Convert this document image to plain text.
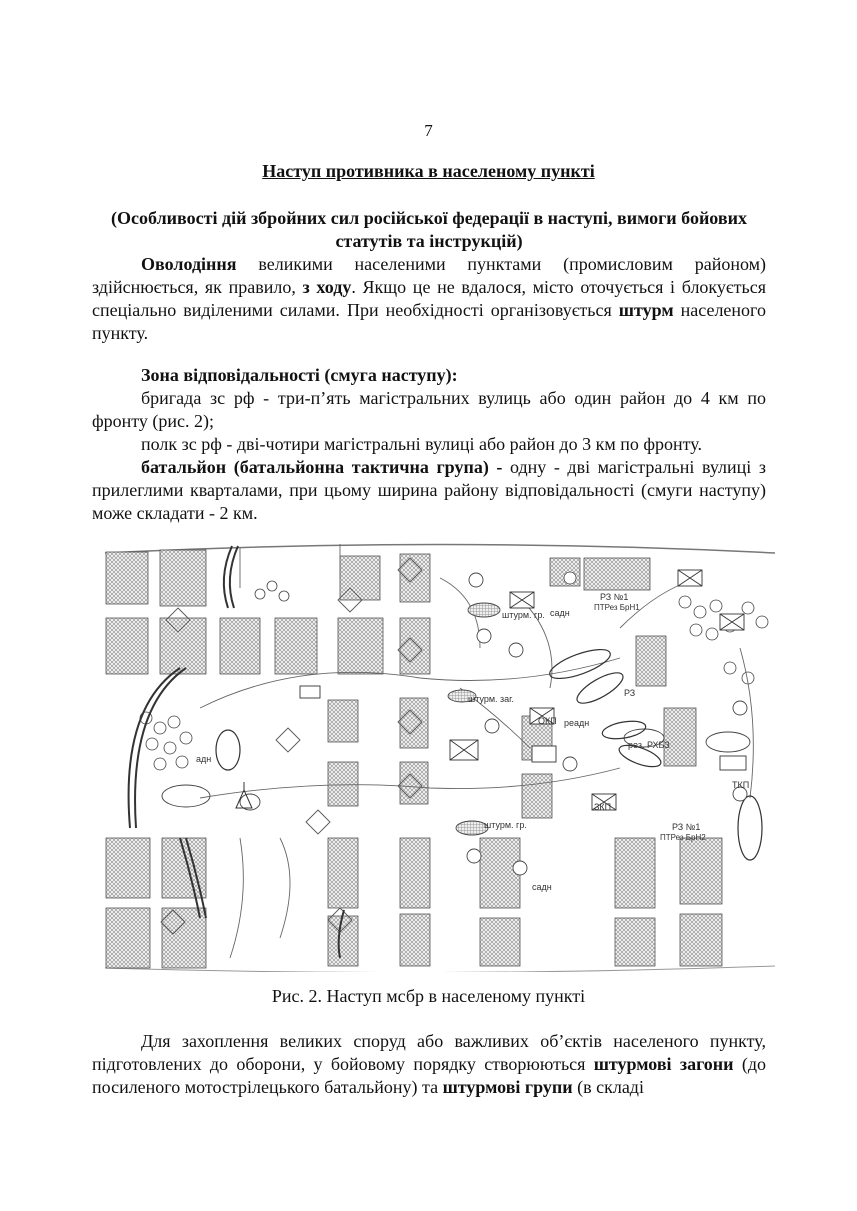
7
Наступ противника в населеному пункті
(Особливості дій збройних сил російської федерації в наступі, вимоги бойових статутів та інструкцій)
Оволодіння великими населеними пунктами (промисловим районом) здійснюється, як правило, з ходу. Якщо це не вдалося, місто оточується і блокується спеціально виділеними силами. При необхідності організовується штурм населеного пункту.
Зона відповідальності (смуга наступу):
бригада зс рф - три-п’ять магістральних вулиць або один район до 4 км по фронту (рис. 2);
полк зс рф - дві-чотири магістральні вулиці або район до 3 км по фронту.
батальйон (батальйонна тактична група) - одну - дві магістральні вулиці з прилеглими кварталами, при цьому ширина району відповідальності (смуги наступу) може складати - 2 км.
штурм. гр.
штурм. гр.
штурм. заг.
садн
садн
адн
реадн
ОКП
ЗКП
ТКП
РЗ
РЗ №1
ПТРез БрН1
РЗ №1
ПТРез БрН2
рез. РХБЗ
Рис. 2. Наступ мсбр в населеному пункті
Для захоплення великих споруд або важливих об’єктів населеного пункту, підготовлених до оборони, у бойовому порядку створюються штурмові загони (до посиленого мотострілецького батальйону) та штурмові групи (в складі
